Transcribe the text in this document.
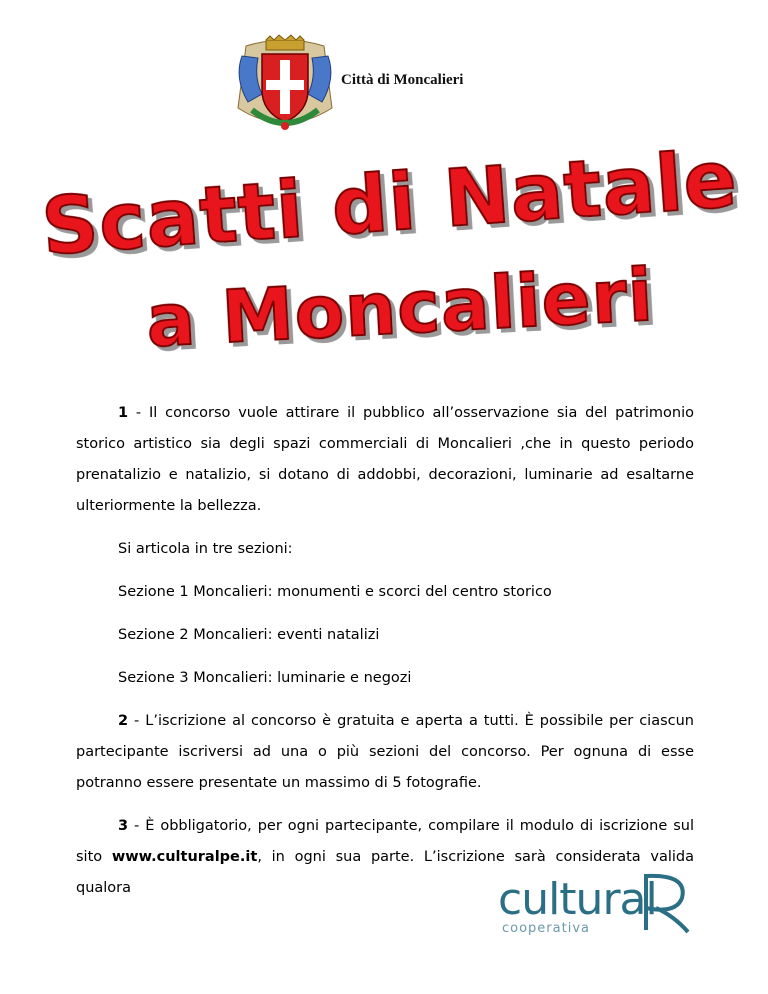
Città di Moncalieri
Scatti di Natale
a Moncalieri

1 - Il concorso vuole attirare il pubblico all’osservazione sia del patrimonio storico artistico sia degli spazi commerciali di Moncalieri ,che in questo periodo prenatalizio e natalizio, si dotano di addobbi, decorazioni, luminarie ad esaltarne ulteriormente la bellezza.

Si articola in tre sezioni:

Sezione 1 Moncalieri: monumenti e scorci del centro storico

Sezione 2 Moncalieri: eventi natalizi

Sezione 3 Moncalieri: luminarie e negozi

2 - L’iscrizione al concorso è gratuita e aperta a tutti. È possibile per ciascun partecipante iscriversi ad una o più sezioni del concorso. Per ognuna di esse potranno essere presentate un massimo di 5 fotografie.

3 - È obbligatorio, per ogni partecipante, compilare il modulo di iscrizione sul sito www.culturalpe.it, in ogni sua parte. L’iscrizione sarà considerata valida qualora	cultural
cooperativa
